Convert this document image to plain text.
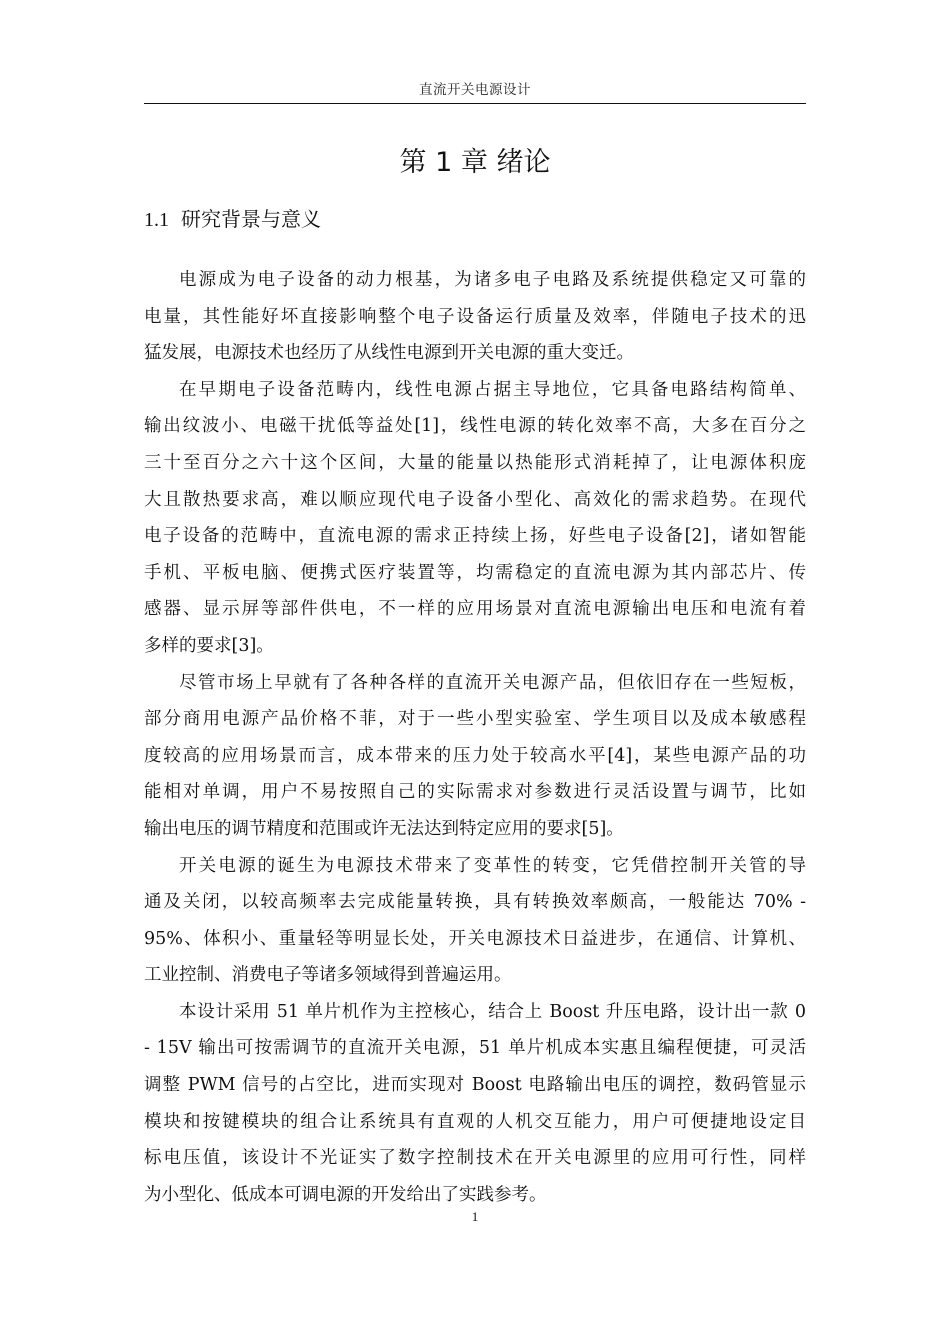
直流开关电源设计
第 1 章 绪论
1.1 研究背景与意义
电源成为电子设备的动力根基，为诸多电子电路及系统提供稳定又可靠的
电量，其性能好坏直接影响整个电子设备运行质量及效率，伴随电子技术的迅
猛发展，电源技术也经历了从线性电源到开关电源的重大变迁。
在早期电子设备范畴内，线性电源占据主导地位，它具备电路结构简单、
输出纹波小、电磁干扰低等益处[1]，线性电源的转化效率不高，大多在百分之
三十至百分之六十这个区间，大量的能量以热能形式消耗掉了，让电源体积庞
大且散热要求高，难以顺应现代电子设备小型化、高效化的需求趋势。在现代
电子设备的范畴中，直流电源的需求正持续上扬，好些电子设备[2]，诸如智能
手机、平板电脑、便携式医疗装置等，均需稳定的直流电源为其内部芯片、传
感器、显示屏等部件供电，不一样的应用场景对直流电源输出电压和电流有着
多样的要求[3]。
尽管市场上早就有了各种各样的直流开关电源产品，但依旧存在一些短板，
部分商用电源产品价格不菲，对于一些小型实验室、学生项目以及成本敏感程
度较高的应用场景而言，成本带来的压力处于较高水平[4]，某些电源产品的功
能相对单调，用户不易按照自己的实际需求对参数进行灵活设置与调节，比如
输出电压的调节精度和范围或许无法达到特定应用的要求[5]。
开关电源的诞生为电源技术带来了变革性的转变，它凭借控制开关管的导
通及关闭，以较高频率去完成能量转换，具有转换效率颇高，一般能达 70% -
95%、体积小、重量轻等明显长处，开关电源技术日益进步，在通信、计算机、
工业控制、消费电子等诸多领域得到普遍运用。
本设计采用 51 单片机作为主控核心，结合上 Boost 升压电路，设计出一款 0
- 15V 输出可按需调节的直流开关电源，51 单片机成本实惠且编程便捷，可灵活
调整 PWM 信号的占空比，进而实现对 Boost 电路输出电压的调控，数码管显示
模块和按键模块的组合让系统具有直观的人机交互能力，用户可便捷地设定目
标电压值，该设计不光证实了数字控制技术在开关电源里的应用可行性，同样
为小型化、低成本可调电源的开发给出了实践参考。
1
